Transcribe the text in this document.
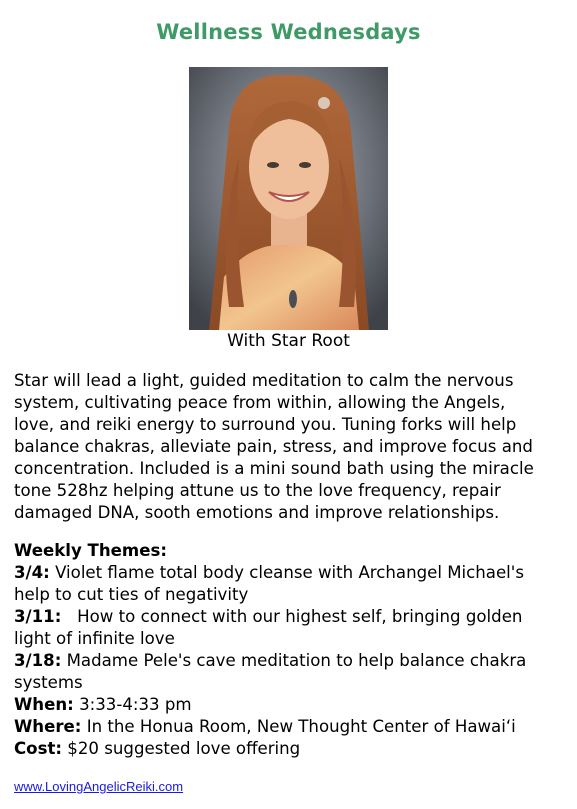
Wellness Wednesdays
With Star Root
Star will lead a light, guided meditation to calm the nervous
system, cultivating peace from within, allowing the Angels,
love, and reiki energy to surround you. Tuning forks will help
balance chakras, alleviate pain, stress, and improve focus and
concentration. Included is a mini sound bath using the miracle
tone 528hz helping attune us to the love frequency, repair
damaged DNA, sooth emotions and improve relationships.
Weekly Themes:
3/4: Violet flame total body cleanse with Archangel Michael's
help to cut ties of negativity
3/11:   How to connect with our highest self, bringing golden
light of infinite love
3/18: Madame Pele's cave meditation to help balance chakra
systems
When: 3:33-4:33 pm
Where: In the Honua Room, New Thought Center of Hawai‘i
Cost: $20 suggested love offering
www.LovingAngelicReiki.com
